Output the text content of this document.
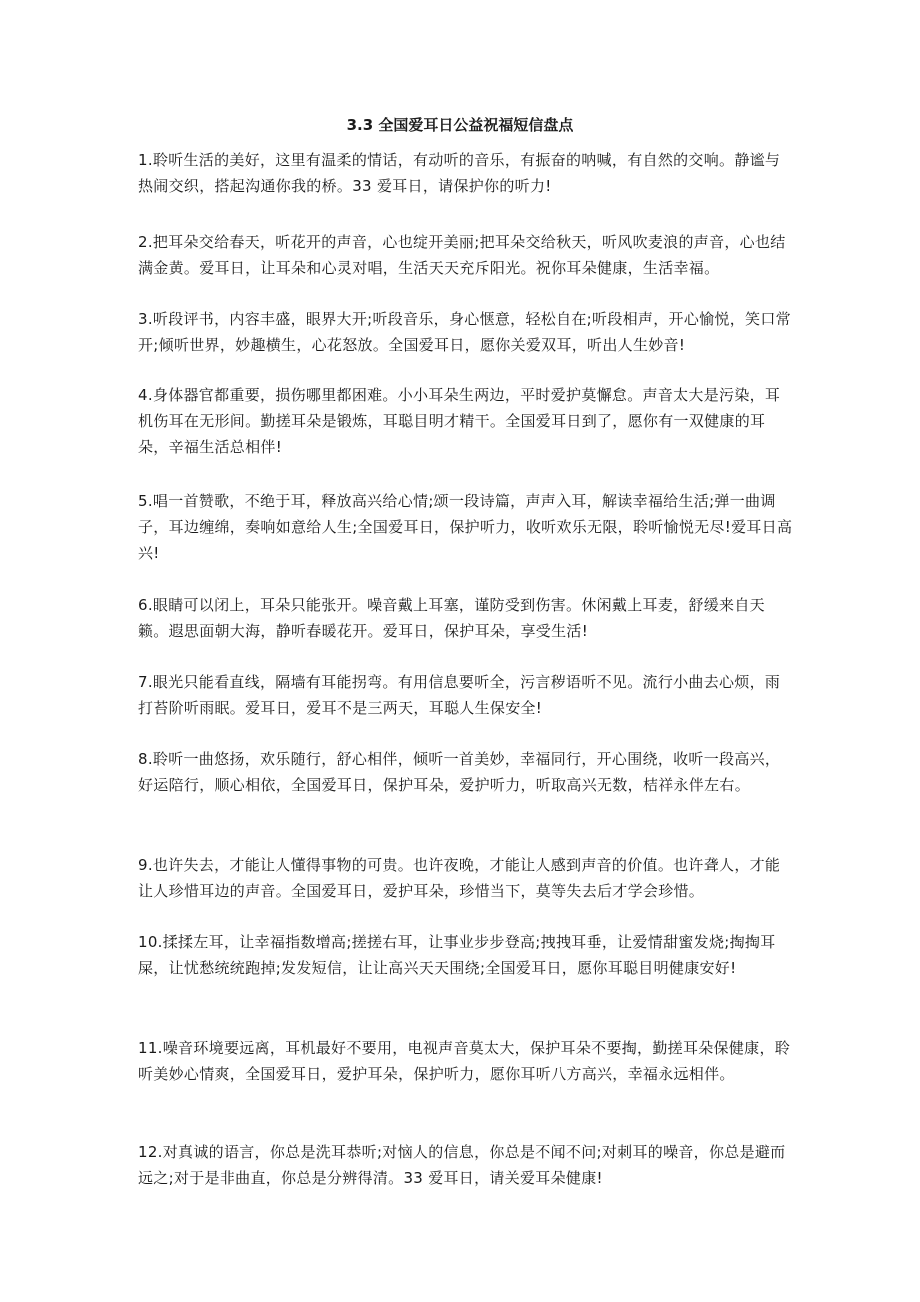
3.3 全国爱耳日公益祝福短信盘点

1.聆听生活的美好，这里有温柔的情话，有动听的音乐，有振奋的呐喊，有自然的交响。静谧与热闹交织，搭起沟通你我的桥。33 爱耳日，请保护你的听力!

2.把耳朵交给春天，听花开的声音，心也绽开美丽;把耳朵交给秋天，听风吹麦浪的声音，心也结满金黄。爱耳日，让耳朵和心灵对唱，生活天天充斥阳光。祝你耳朵健康，生活幸福。

3.听段评书，内容丰盛，眼界大开;听段音乐，身心惬意，轻松自在;听段相声，开心愉悦，笑口常开;倾听世界，妙趣横生，心花怒放。全国爱耳日，愿你关爱双耳，听出人生妙音!

4.身体器官都重要，损伤哪里都困难。小小耳朵生两边，平时爱护莫懈怠。声音太大是污染，耳机伤耳在无形间。勤搓耳朵是锻炼，耳聪目明才精干。全国爱耳日到了，愿你有一双健康的耳朵，辛福生活总相伴!

5.唱一首赞歌，不绝于耳，释放高兴给心情;颂一段诗篇，声声入耳，解读幸福给生活;弹一曲调子，耳边缠绵，奏响如意给人生;全国爱耳日，保护听力，收听欢乐无限，聆听愉悦无尽!爱耳日高兴!

6.眼睛可以闭上，耳朵只能张开。噪音戴上耳塞，谨防受到伤害。休闲戴上耳麦，舒缓来自天籁。遐思面朝大海，静听春暖花开。爱耳日，保护耳朵，享受生活!

7.眼光只能看直线，隔墙有耳能拐弯。有用信息要听全，污言秽语听不见。流行小曲去心烦，雨打苔阶听雨眠。爱耳日，爱耳不是三两天，耳聪人生保安全!

8.聆听一曲悠扬，欢乐随行，舒心相伴，倾听一首美妙，幸福同行，开心围绕，收听一段高兴，好运陪行，顺心相依，全国爱耳日，保护耳朵，爱护听力，听取高兴无数，桔祥永伴左右。

9.也许失去，才能让人懂得事物的可贵。也许夜晚，才能让人感到声音的价值。也许聋人，才能让人珍惜耳边的声音。全国爱耳日，爱护耳朵，珍惜当下，莫等失去后才学会珍惜。

10.揉揉左耳，让幸福指数增高;搓搓右耳，让事业步步登高;拽拽耳垂，让爱情甜蜜发烧;掏掏耳屎，让忧愁统统跑掉;发发短信，让让高兴天天围绕;全国爱耳日，愿你耳聪目明健康安好!

11.噪音环境要远离，耳机最好不要用，电视声音莫太大，保护耳朵不要掏，勤搓耳朵保健康，聆听美妙心情爽，全国爱耳日，爱护耳朵，保护听力，愿你耳听八方高兴，幸福永远相伴。

12.对真诚的语言，你总是洗耳恭听;对恼人的信息，你总是不闻不问;对刺耳的噪音，你总是避而远之;对于是非曲直，你总是分辨得清。33 爱耳日，请关爱耳朵健康!
